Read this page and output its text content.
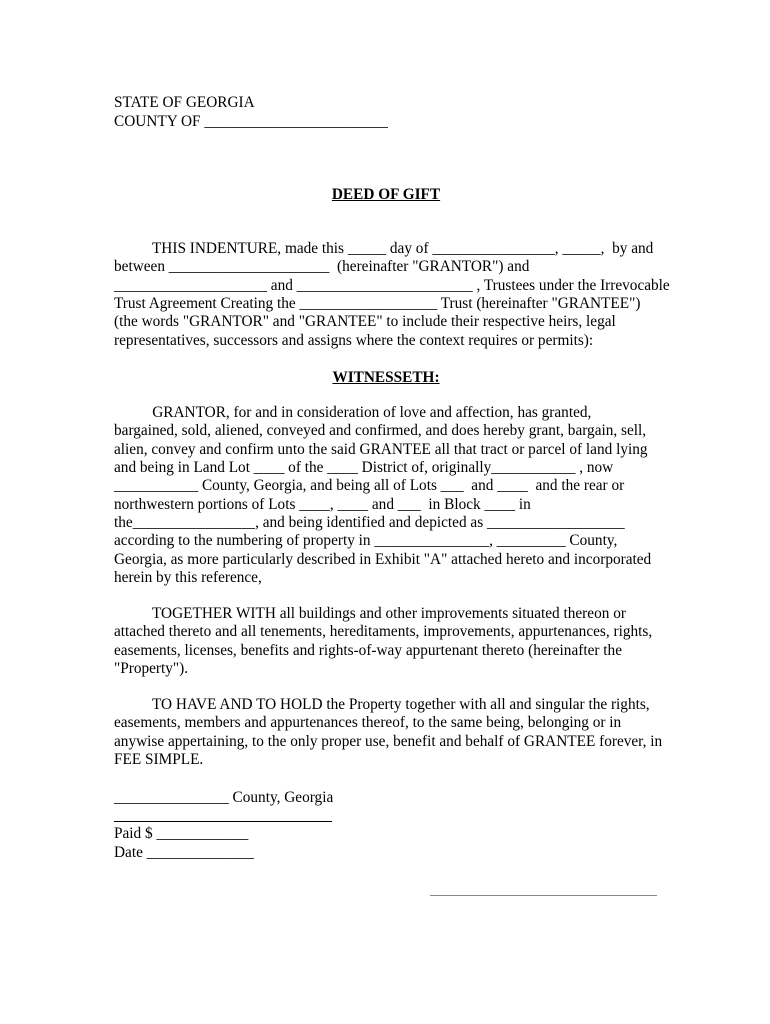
STATE OF GEORGIA
COUNTY OF ________________________
DEED OF GIFT
THIS INDENTURE, made this _____ day of ________________, _____,  by and
between _____________________  (hereinafter "GRANTOR") and
____________________ and _______________________ , Trustees under the Irrevocable
Trust Agreement Creating the __________________ Trust (hereinafter "GRANTEE")
(the words "GRANTOR" and "GRANTEE" to include their respective heirs, legal
representatives, successors and assigns where the context requires or permits):
WITNESSETH:
GRANTOR, for and in consideration of love and affection, has granted,
bargained, sold, aliened, conveyed and confirmed, and does hereby grant, bargain, sell,
alien, convey and confirm unto the said GRANTEE all that tract or parcel of land lying
and being in Land Lot ____ of the ____ District of, originally___________ , now
___________ County, Georgia, and being all of Lots ___  and ____  and the rear or
northwestern portions of Lots ____, ____ and ___  in Block ____ in
the________________, and being identified and depicted as __________________
according to the numbering of property in _______________, _________ County,
Georgia, as more particularly described in Exhibit "A" attached hereto and incorporated
herein by this reference,
TOGETHER WITH all buildings and other improvements situated thereon or
attached thereto and all tenements, hereditaments, improvements, appurtenances, rights,
easements, licenses, benefits and rights-of-way appurtenant thereto (hereinafter the
"Property").
TO HAVE AND TO HOLD the Property together with all and singular the rights,
easements, members and appurtenances thereof, to the same being, belonging or in
anywise appertaining, to the only proper use, benefit and behalf of GRANTEE forever, in
FEE SIMPLE.
_______________ County, Georgia
Paid $ ____________
Date ______________
